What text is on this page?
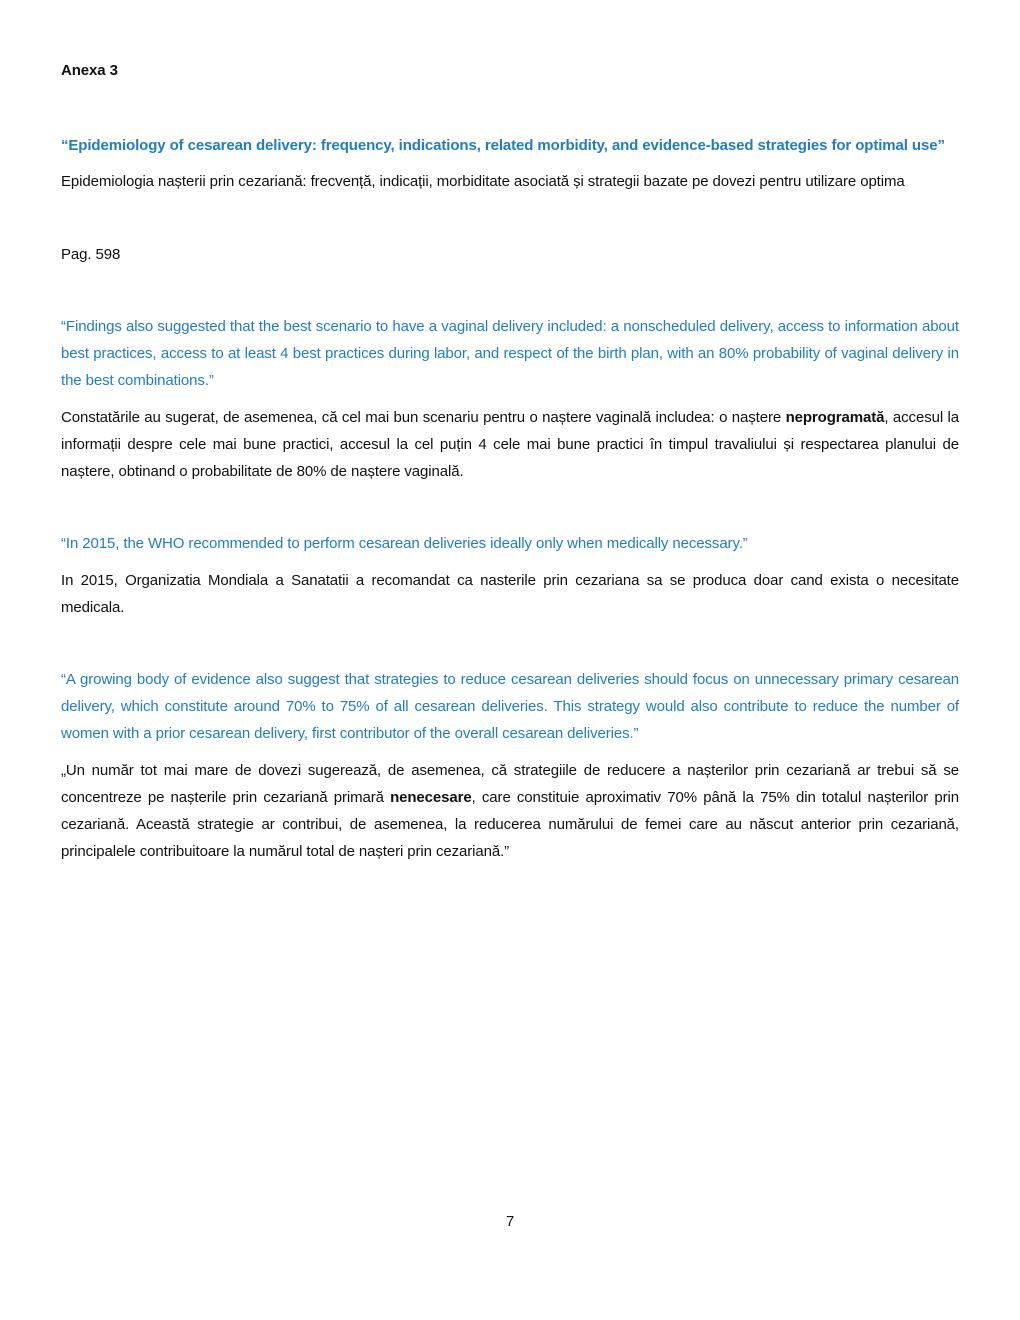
Anexa 3

“Epidemiology of cesarean delivery: frequency, indications, related morbidity, and evidence-based strategies for optimal use”

Epidemiologia nașterii prin cezariană: frecvență, indicații, morbiditate asociată și strategii bazate pe dovezi pentru utilizare optima

Pag. 598

“Findings also suggested that the best scenario to have a vaginal delivery included: a nonscheduled delivery, access to information about best practices, access to at least 4 best practices during labor, and respect of the birth plan, with an 80% probability of vaginal delivery in the best combinations.”

Constatările au sugerat, de asemenea, că cel mai bun scenariu pentru o naștere vaginală includea: o naștere neprogramată, accesul la informații despre cele mai bune practici, accesul la cel puțin 4 cele mai bune practici în timpul travaliului și respectarea planului de naștere, obtinand o probabilitate de 80% de naștere vaginală.

“In 2015, the WHO recommended to perform cesarean deliveries ideally only when medically necessary.”

In 2015, Organizatia Mondiala a Sanatatii a recomandat ca nasterile prin cezariana sa se produca doar cand exista o necesitate medicala.

“A growing body of evidence also suggest that strategies to reduce cesarean deliveries should focus on unnecessary primary cesarean delivery, which constitute around 70% to 75% of all cesarean deliveries. This strategy would also contribute to reduce the number of women with a prior cesarean delivery, first contributor of the overall cesarean deliveries.”

„Un număr tot mai mare de dovezi sugerează, de asemenea, că strategiile de reducere a nașterilor prin cezariană ar trebui să se concentreze pe nașterile prin cezariană primară nenecesare, care constituie aproximativ 70% până la 75% din totalul nașterilor prin cezariană. Această strategie ar contribui, de asemenea, la reducerea numărului de femei care au născut anterior prin cezariană, principalele contribuitoare la numărul total de nașteri prin cezariană.”

7
